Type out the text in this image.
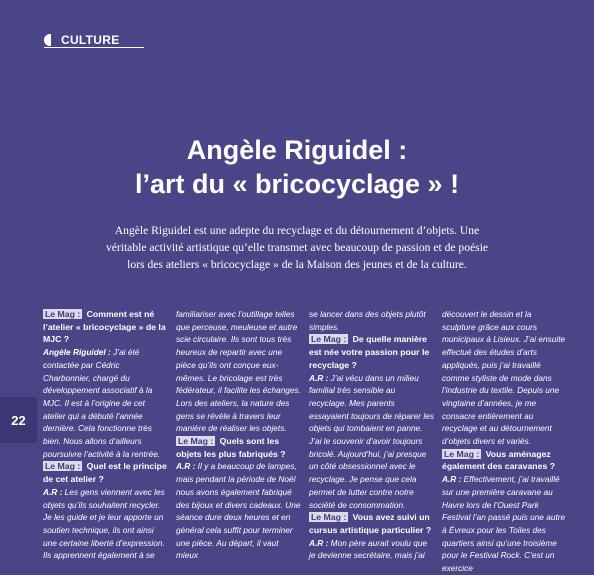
CULTURE
Angèle Riguidel :
l’art du « bricocyclage » !

Angèle Riguidel est une adepte du recyclage et du détournement d’objets. Une véritable activité artistique qu’elle transmet avec beaucoup de passion et de poésie lors des ateliers « bricocyclage » de la Maison des jeunes et de la culture.

22

Le Mag : Comment est né l’atelier « bricocyclage » de la MJC ?

Angèle Riguidel : J’ai été contactée par Cédric Charbonnier, chargé du développement associatif à la MJC. Il est à l’origine de cet atelier qui a débuté l’année dernière. Cela fonctionne très bien. Nous allons d’ailleurs poursuivre l’activité à la rentrée.

Le Mag : Quel est le principe de cet atelier ?

A.R : Les gens viennent avec les objets qu’ils souhaitent recycler. Je les guide et je leur apporte un soutien technique, ils ont ainsi une certaine liberté d’expression. Ils apprennent également à se

familiariser avec l’outillage telles que perceuse, meuleuse et autre scie circulaire. Ils sont tous très heureux de repartir avec une pièce qu’ils ont conçue eux-mêmes. Le bricolage est très fédérateur, il facilite les échanges. Lors des ateliers, la nature des gens se révèle à travers leur manière de réaliser les objets.

Le Mag : Quels sont les objets les plus fabriqués ?

A.R : Il y a beaucoup de lampes, mais pendant la période de Noël nous avons également fabriqué des bijoux et divers cadeaux. Une séance dure deux heures et en général cela suffit pour terminer une pièce. Au départ, il vaut mieux

se lancer dans des objets plutôt simples.

Le Mag : De quelle manière est née votre passion pour le recyclage ?

A.R : J’ai vécu dans un milieu familial très sensible au recyclage. Mes parents essayaient toujours de réparer les objets qui tombaient en panne. J’ai le souvenir d’avoir toujours bricolé. Aujourd’hui, j’ai presque un côté obsessionnel avec le recyclage. Je pense que cela permet de lutter contre notre société de consommation.

Le Mag : Vous avez suivi un cursus artistique particulier ?

A.R : Mon père aurait voulu que je devienne secrétaire, mais j’ai

découvert le dessin et la sculpture grâce aux cours municipaux à Lisieux. J’ai ensuite effectué des études d’arts appliqués, puis j’ai travaillé comme styliste de mode dans l’industrie du textile. Depuis une vingtaine d’années, je me consacre entièrement au recyclage et au détournement d’objets divers et variés.

Le Mag : Vous aménagez également des caravanes ?

A.R : Effectivement, j’ai travaillé sur une première caravane au Havre lors de l’Ouest Park Festival l’an passé puis une autre à Évreux pour les Toiles des quartiers ainsi qu’une troisième pour le Festival Rock. C’est un exercice
